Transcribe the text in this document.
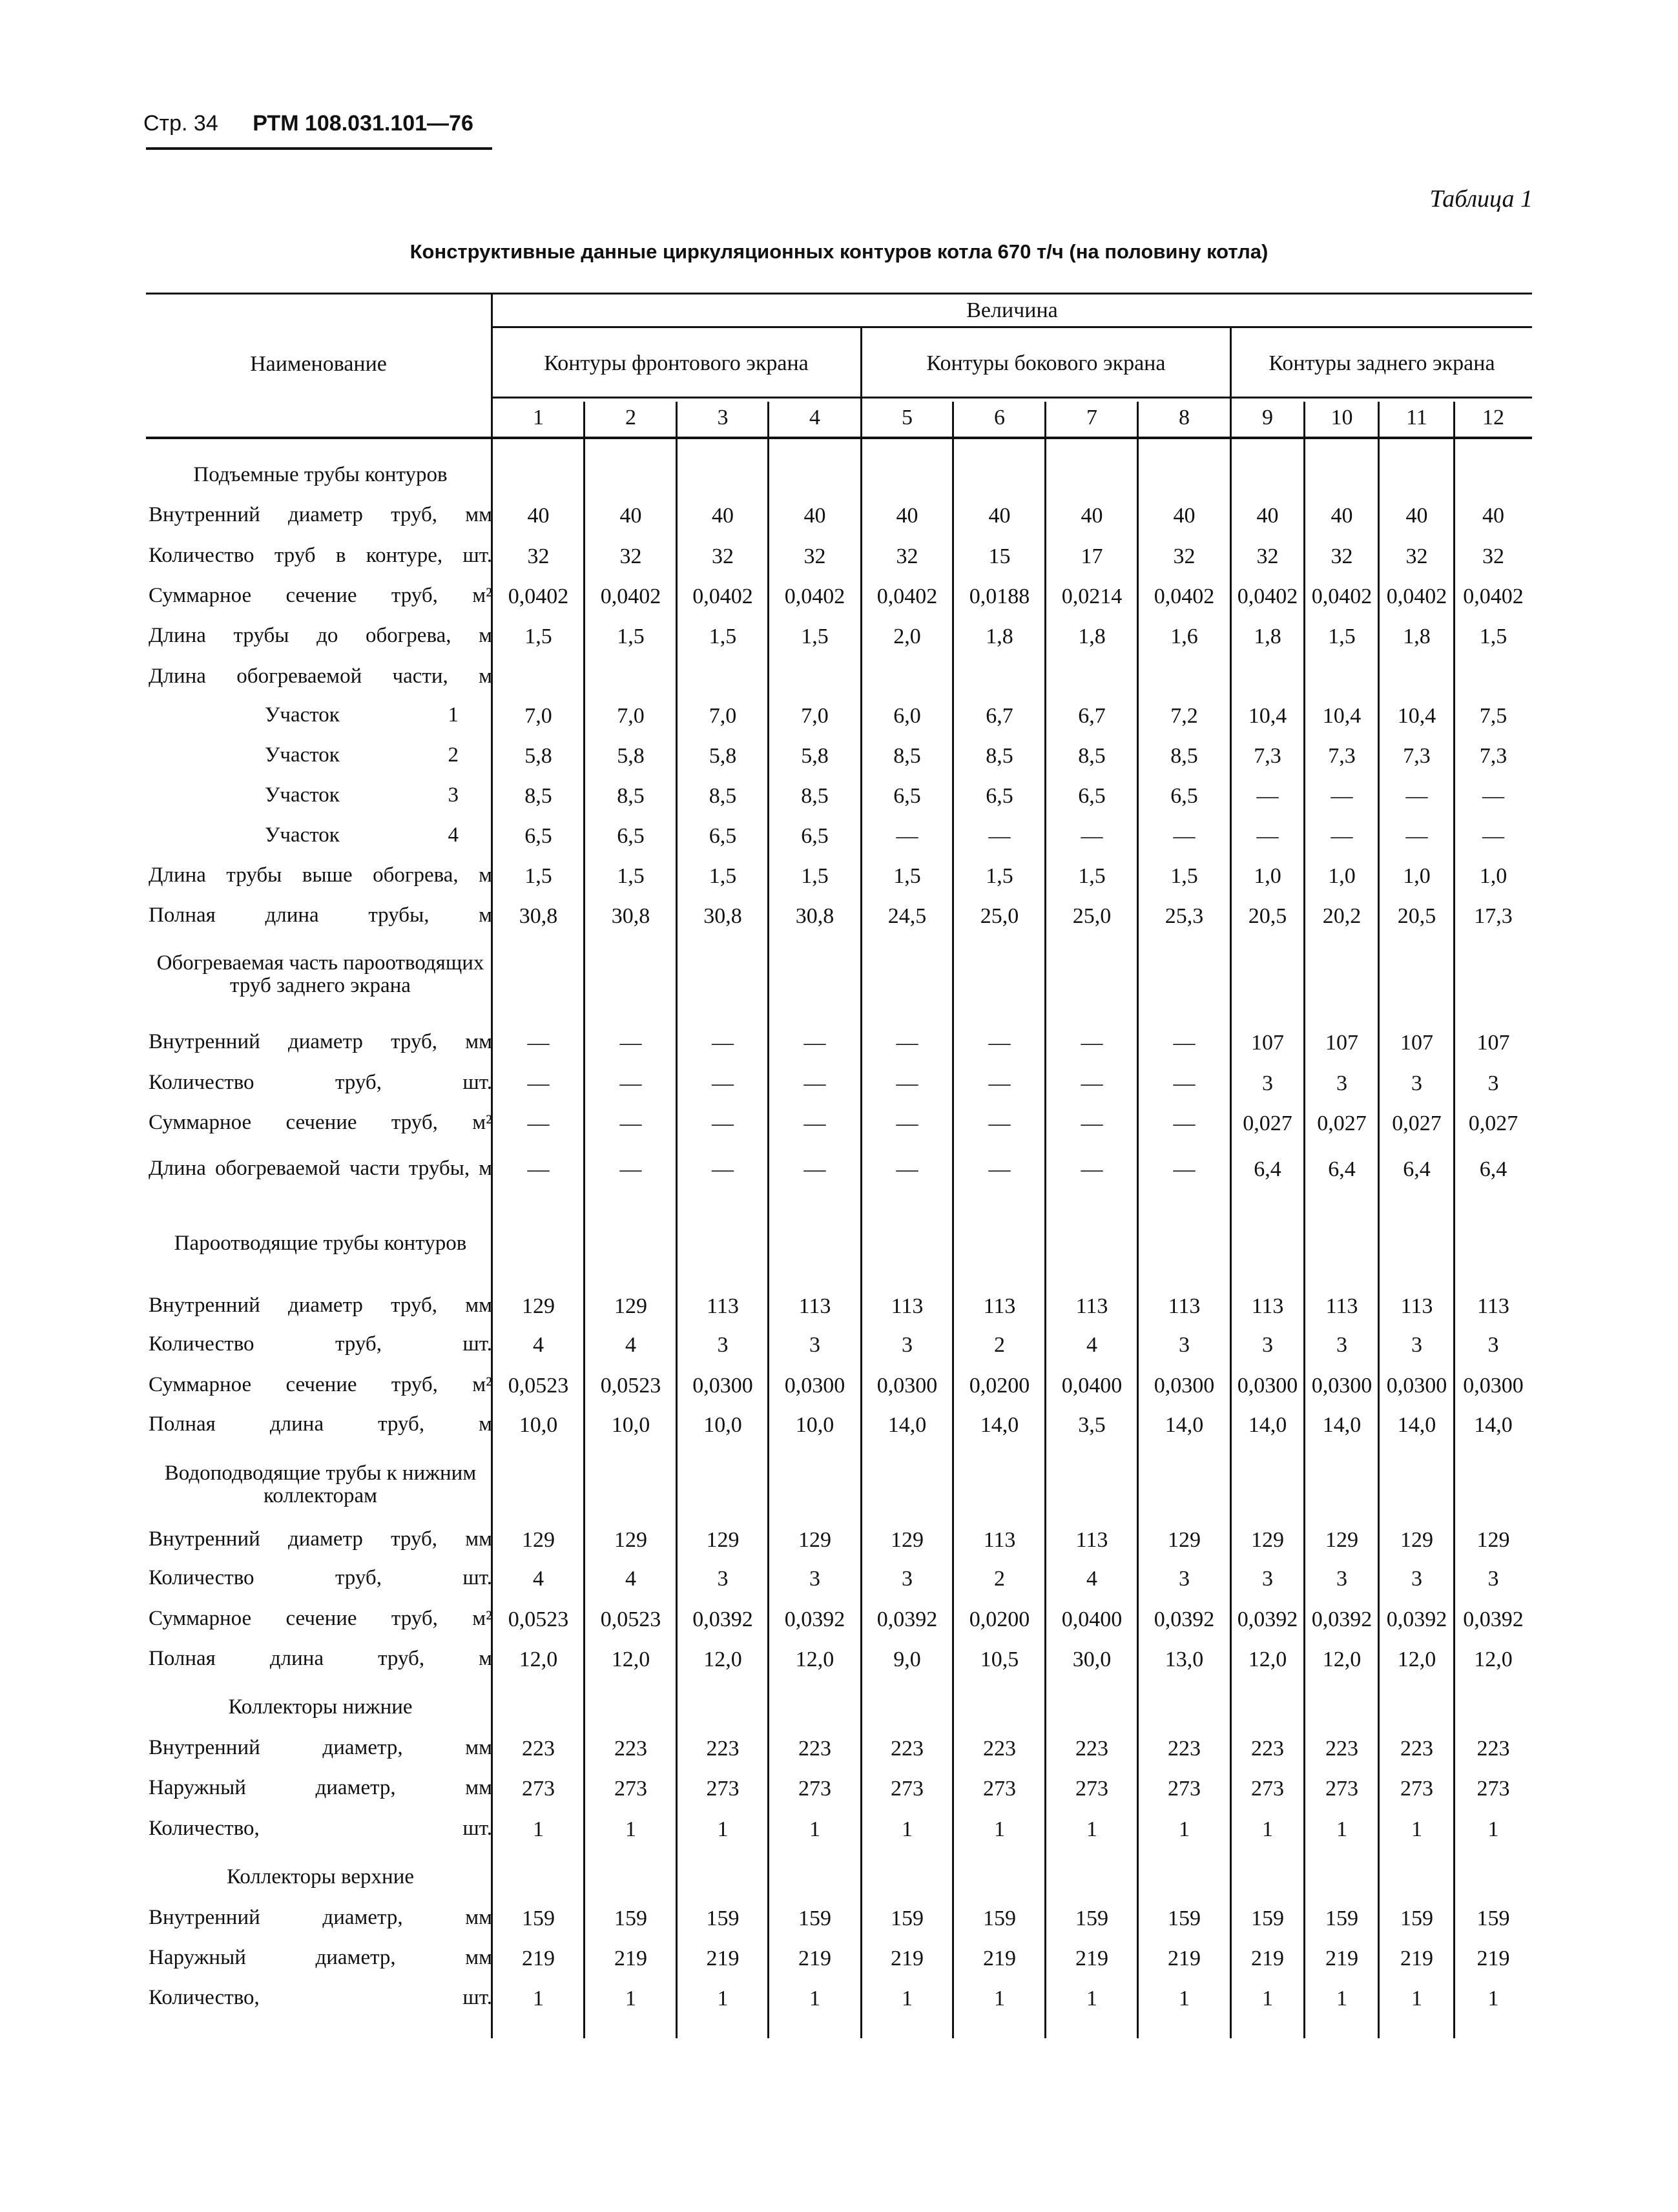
Стр. 34 РТМ 108.031.101—76
Таблица 1
Конструктивные данные циркуляционных контуров котла 670 т/ч (на половину котла)
Наименование
Величина
Контуры фронтового экрана	Контуры бокового экрана	Контуры заднего экрана
1	2	3	4	5	6	7	8	9	10	11	12
Подъемные трубы контуров
Внутренний диаметр труб, мм	40	40	40	40	40	40	40	40	40	40	40	40
Количество труб в контуре, шт.	32	32	32	32	32	15	17	32	32	32	32	32
Суммарное сечение труб, м² 0,0402	0,0402	0,0402	0,0402	0,0402	0,0188	0,0214	0,0402	0,0402 0,0402 0,0402 0,0402
Длина трубы до обогрева, м	1,5	1,5	1,5	1,5	2,0	1,8	1,8	1,6	1,8	1,5	1,8	1,5
Длина обогреваемой части, м
Участок 1	7,0	7,0	7,0	7,0	6,0	6,7	6,7	7,2	10,4	10,4	10,4	7,5
Участок 2	5,8	5,8	5,8	5,8	8,5	8,5	8,5	8,5	7,3	7,3	7,3	7,3
Участок 3	8,5	8,5	8,5	8,5	6,5	6,5	6,5	6,5	—	—	—	—
Участок 4	6,5	6,5	6,5	6,5	—	—	—	—	—	—	—	—
Длина трубы выше обогрева, м	1,5	1,5	1,5	1,5	1,5	1,5	1,5	1,5	1,0	1,0	1,0	1,0
Полная длина трубы, м	30,8	30,8	30,8	30,8	24,5	25,0	25,0	25,3	20,5	20,2	20,5	17,3
Обогреваемая часть пароотводящих труб заднего экрана
Внутренний диаметр труб, мм	—	—	—	—	—	—	—	—	107	107	107	107
Количество труб, шт.	—	—	—	—	—	—	—	—	3	3	3	3
Суммарное сечение труб, м²	—	—	—	—	—	—	—	—	0,027	0,027	0,027	0,027
Длина обогреваемой части трубы, м	—	—	—	—	—	—	—	—	6,4	6,4	6,4	6,4
Пароотводящие трубы контуров
Внутренний диаметр труб, мм	129	129	113	113	113	113	113	113	113	113	113	113
Количество труб, шт.	4	4	3	3	3	2	4	3	3	3	3	3
Суммарное сечение труб, м² 0,0523	0,0523	0,0300	0,0300	0,0300	0,0200	0,0400	0,0300	0,0300 0,0300 0,0300 0,0300
Полная длина труб, м	10,0	10,0	10,0	10,0	14,0	14,0	3,5	14,0	14,0	14,0	14,0	14,0
Водоподводящие трубы к нижним коллекторам
Внутренний диаметр труб, мм	129	129	129	129	129	113	113	129	129	129	129	129
Количество труб, шт.	4	4	3	3	3	2	4	3	3	3	3	3
Суммарное сечение труб, м² 0,0523	0,0523	0,0392	0,0392	0,0392	0,0200	0,0400	0,0392	0,0392 0,0392 0,0392 0,0392
Полная длина труб, м	12,0	12,0	12,0	12,0	9,0	10,5	30,0	13,0	12,0	12,0	12,0	12,0
Коллекторы нижние
Внутренний диаметр, мм	223	223	223	223	223	223	223	223	223	223	223	223
Наружный диаметр, мм	273	273	273	273	273	273	273	273	273	273	273	273
Количество, шт.	1	1	1	1	1	1	1	1	1	1	1	1
Коллекторы верхние
Внутренний диаметр, мм	159	159	159	159	159	159	159	159	159	159	159	159
Наружный диаметр, мм	219	219	219	219	219	219	219	219	219	219	219	219
Количество, шт.	1	1	1	1	1	1	1	1	1	1	1	1
